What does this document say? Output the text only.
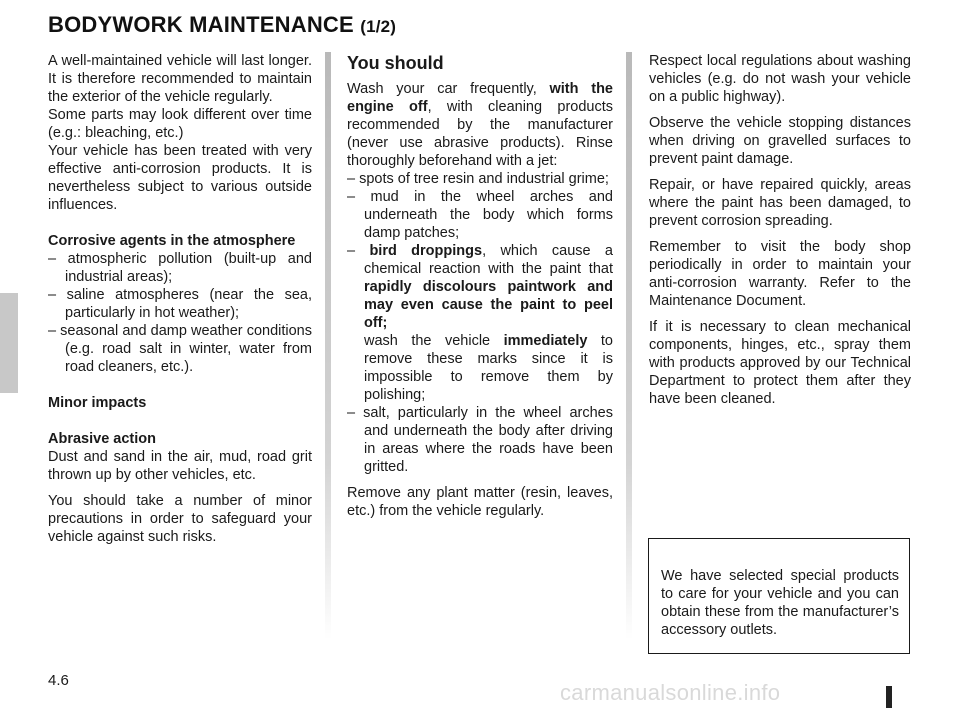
BODYWORK MAINTENANCE (1/2)

A well-maintained vehicle will last longer. It is therefore recommended to maintain the exterior of the vehicle regularly.

Some parts may look different over time (e.g.: bleaching, etc.)

Your vehicle has been treated with very effective anti-corrosion products. It is nevertheless subject to various outside influences.

Corrosive agents in the atmosphere

– atmospheric pollution (built-up and industrial areas);

– saline atmospheres (near the sea, particularly in hot weather);

– seasonal and damp weather conditions (e.g. road salt in winter, water from road cleaners, etc.).

Minor impacts

Abrasive action

Dust and sand in the air, mud, road grit thrown up by other vehicles, etc.

You should take a number of minor precautions in order to safeguard your vehicle against such risks.

You should

Wash your car frequently, with the engine off, with cleaning products recommended by the manufacturer (never use abrasive products). Rinse thoroughly beforehand with a jet:

– spots of tree resin and industrial grime;

– mud in the wheel arches and underneath the body which forms damp patches;

– bird droppings, which cause a chemical reaction with the paint that rapidly discolours paintwork and may even cause the paint to peel off;
wash the vehicle immediately to remove these marks since it is impossible to remove them by polishing;

– salt, particularly in the wheel arches and underneath the body after driving in areas where the roads have been gritted.

Remove any plant matter (resin, leaves, etc.) from the vehicle regularly.

Respect local regulations about washing vehicles (e.g. do not wash your vehicle on a public highway).

Observe the vehicle stopping distances when driving on gravelled surfaces to prevent paint damage.

Repair, or have repaired quickly, areas where the paint has been damaged, to prevent corrosion spreading.

Remember to visit the body shop periodically in order to maintain your anti-corrosion warranty. Refer to the Maintenance Document.

If it is necessary to clean mechanical components, hinges, etc., spray them with products approved by our Technical Department to protect them after they have been cleaned.

We have selected special products to care for your vehicle and you can obtain these from the manufacturer’s accessory outlets.

4.6	carmanualsonline.info
